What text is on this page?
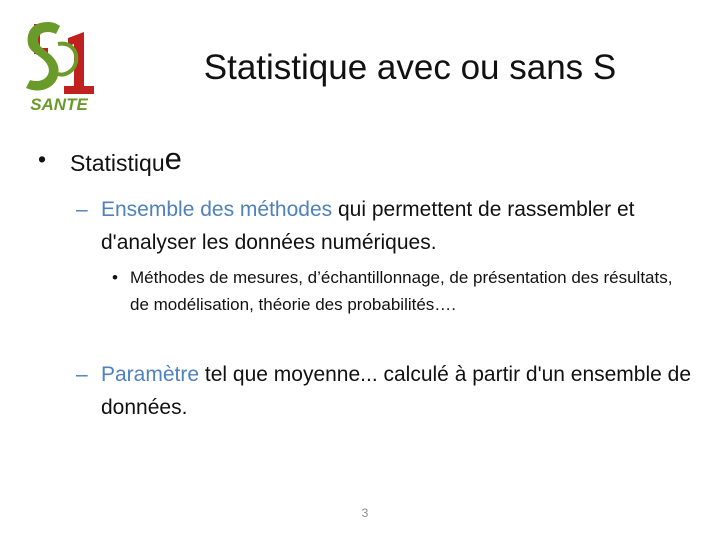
SANTE
Statistique avec ou sans S
• Statistique
– Ensemble des méthodes qui permettent de rassembler et d'analyser les données numériques.
• Méthodes de mesures, d’échantillonnage, de présentation des résultats, de modélisation, théorie des probabilités….
– Paramètre tel que moyenne... calculé à partir d'un ensemble de données.
3
